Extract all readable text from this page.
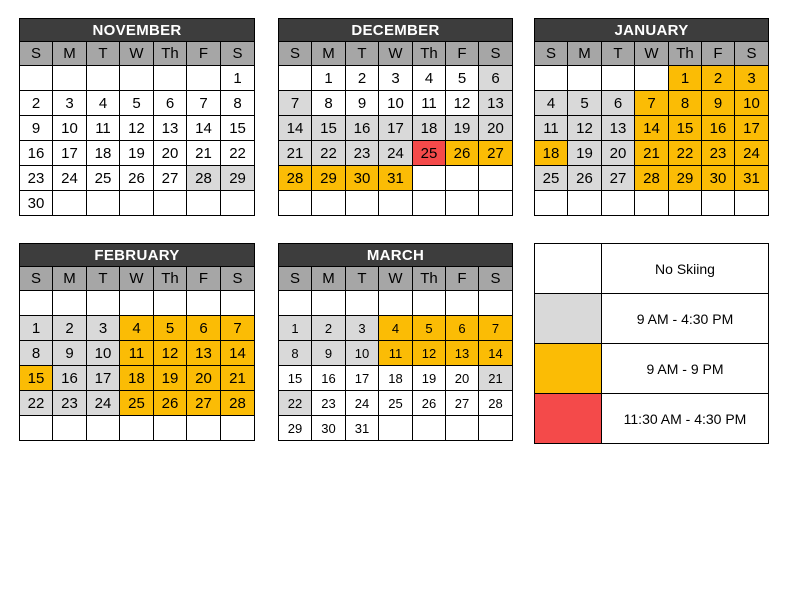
NOVEMBER						
S	M	T	W	Th	F	S
						1
2	3	4	5	6	7	8
9	10	11	12	13	14	15
16	17	18	19	20	21	22
23	24	25	26	27	28	29
30						
DECEMBER						
S	M	T	W	Th	F	S
	1	2	3	4	5	6
7	8	9	10	11	12	13
14	15	16	17	18	19	20
21	22	23	24	25	26	27
28	29	30	31			

JANUARY						
S	M	T	W	Th	F	S
				1	2	3
4	5	6	7	8	9	10
11	12	13	14	15	16	17
18	19	20	21	22	23	24
25	26	27	28	29	30	31

FEBRUARY						
S	M	T	W	Th	F	S

1	2	3	4	5	6	7
8	9	10	11	12	13	14
15	16	17	18	19	20	21
22	23	24	25	26	27	28

MARCH						
S	M	T	W	Th	F	S

1	2	3	4	5	6	7
8	9	10	11	12	13	14
15	16	17	18	19	20	21
22	23	24	25	26	27	28
29	30	31				
	No Skiing
	9 AM - 4:30 PM
	9 AM - 9 PM
	11:30 AM - 4:30 PM
